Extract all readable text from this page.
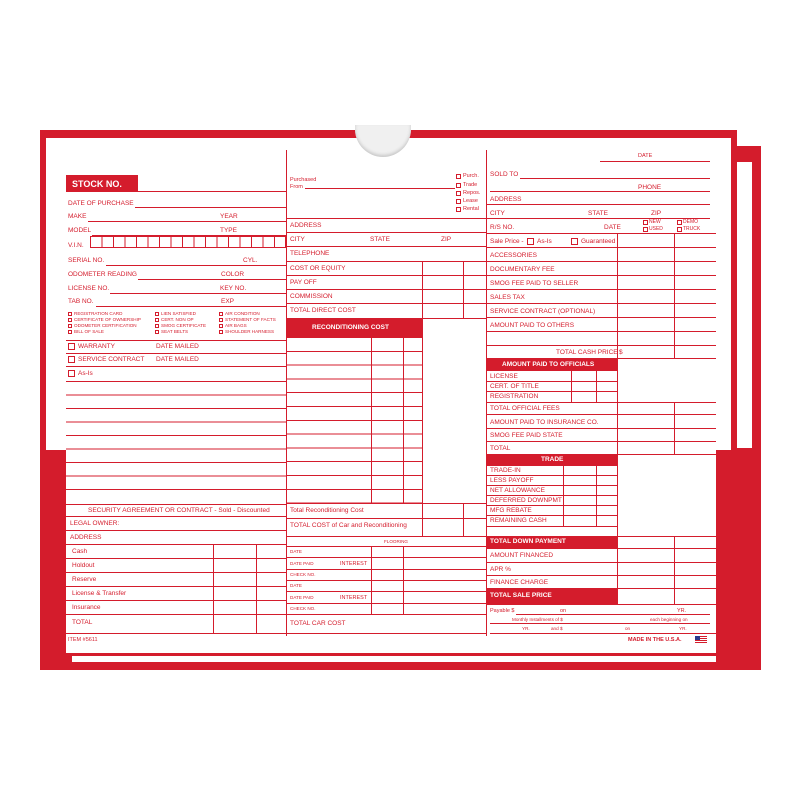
STOCK NO.
DATE OF PURCHASE
MAKE	YEAR
MODEL	TYPE
V.I.N.
SERIAL NO.	CYL.
ODOMETER READING	COLOR
LICENSE NO.	KEY NO.
TAB NO.	EXP
REGISTRATION CARD
CERTIFICATE OF OWNERSHIP
ODOMETER CERTIFICATION
BILL OF SALE
LIEN SATISFIED
CERT. NON OP
SMOG CERTIFICATE
SEAT BELTS
AIR CONDITION
STATEMENT OF FACTS
AIR BAGS
SHOULDER HARNESS
WARRANTY	DATE MAILED
SERVICE CONTRACT DATE MAILED
As-Is
SECURITY AGREEMENT OR CONTRACT - Sold - Discounted
LEGAL OWNER:
ADDRESS
Cash
Holdout
Reserve
License & Transfer
Insurance
TOTAL
ITEM #5611
Purchased
From
Purch.
Trade
Repos.
Lease
Rental
ADDRESS
CITY	STATE	ZIP
TELEPHONE
COST OR EQUITY
PAY OFF
COMMISSION
TOTAL DIRECT COST
RECONDITIONING COST
Total Reconditioning Cost
TOTAL COST of Car and Reconditioning
FLOORING
DATE
DATE PAID	INTEREST
CHECK NO.
DATE
DATE PAID	INTEREST
CHECK NO.
TOTAL CAR COST
DATE
SOLD TO
PHONE
ADDRESS
CITY	STATE	ZIP
R/S NO.	DATE
NEW
USED
DEMO
TRUCK
Sale Price - As-Is	Guaranteed
ACCESSORIES
DOCUMENTARY FEE
SMOG FEE PAID TO SELLER
SALES TAX
SERVICE CONTRACT (OPTIONAL)
AMOUNT PAID TO OTHERS
TOTAL CASH PRICE $
AMOUNT PAID TO OFFICIALS
LICENSE
CERT. OF TITLE
REGISTRATION
TOTAL OFFICIAL FEES
AMOUNT PAID TO INSURANCE CO.
SMOG FEE PAID STATE
TOTAL
TRADE
TRADE-IN
LESS PAYOFF
NET ALLOWANCE
DEFERRED DOWNPMT
MFG REBATE
REMAINING CASH
TOTAL DOWN PAYMENT
AMOUNT FINANCED
APR %
FINANCE CHARGE
TOTAL SALE PRICE
Payable $	on	YR.
Monthly Installments of $	each beginning on
YR.	and $	on	YR.
MADE IN THE U.S.A.
